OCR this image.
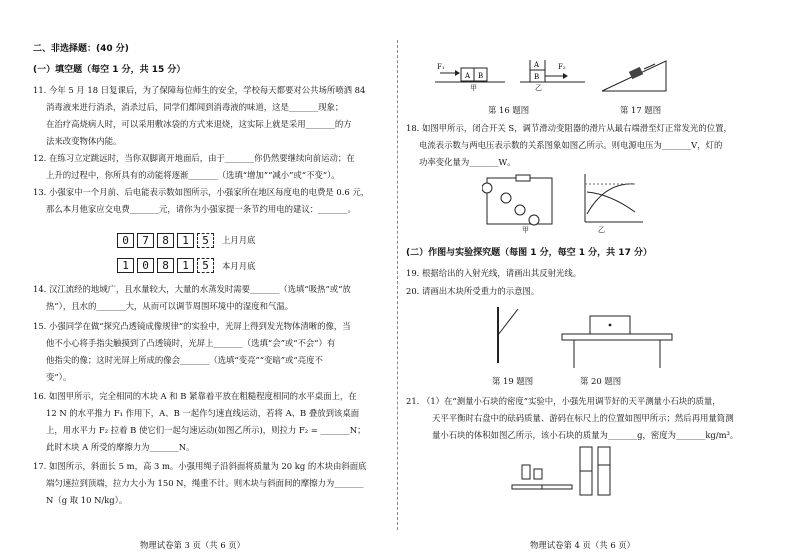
二、非选择题：(40 分)
(一）填空题（每空 1 分，共 15 分）
11. 今年 5 月 18 日复课后，为了保障每位师生的安全，学校每天都要对公共场所喷洒 84
消毒液来进行消杀，消杀过后，同学们都闻到消毒液的味道，这是_______现象；
在治疗高烧病人时，可以采用敷冰袋的方式来退烧，这实际上就是采用_______的方
法来改变物体内能。
12. 在练习立定跳远时，当你双脚离开地面后，由于_______你仍然要继续向前运动；在
上升的过程中，你所具有的动能将逐渐_______（选填“增加”“减小”或“不变”）。
13. 小强家中一个月前、后电能表示数如图所示，小强家所在地区每度电的电费是 0.6 元，
那么本月他家应交电费_______元，请你为小强家提一条节约用电的建议：_______。
0	7	8	1	5	上月月底
1	0	8	1	5	本月月底
14. 汉江流经的地域广，且水量较大，大量的水蒸发时需要_______（选填“吸热”或“放
热”），且水的_______大，从而可以调节周围环境中的湿度和气温。
15. 小强同学在做“探究凸透镜成像规律”的实验中，光屏上得到发光物体清晰的像，当
他不小心将手指尖触摸到了凸透镜时，光屏上_______（选填“会”或“不会”）有
他指尖的像；这时光屏上所成的像会_______（选填“变亮”“变暗”或“亮度不
变”）。
16. 如图甲所示，完全相同的木块 A 和 B 紧靠着平放在粗糙程度相同的水平桌面上，在
12 N 的水平推力 F₁ 作用下，A、B 一起作匀速直线运动，若将 A、B 叠放到该桌面
上，用水平力 F₂ 拉着 B 使它们一起匀速运动(如图乙所示)，则拉力 F₂ = _______N；
此时木块 A 所受的摩擦力为_______N。
17. 如图所示，斜面长 5 m，高 3 m。小强用绳子沿斜面将质量为 20 kg 的木块由斜面底
端匀速拉到顶端，拉力大小为 150 N，绳重不计。则木块与斜面间的摩擦力为_______
N（g 取 10 N/kg）。
物理试卷第 3 页（共 6 页）
A B
A
B
F₁	F₂
甲	乙
第 16 题图	第 17 题图
18. 如图甲所示，闭合开关 S，调节滑动变阻器的滑片从最右端滑至灯正常发光的位置，
电流表示数与两电压表示数的关系图象如图乙所示。则电源电压为_______V，灯的
功率变化量为_______W。
甲	乙
(二）作图与实验探究题（每图 1 分，每空 1 分，共 17 分）
19. 根据给出的入射光线，请画出其反射光线。
20. 请画出木块所受重力的示意图。
第 19 题图	第 20 题图
21. （1）在“测量小石块的密度”实验中，小强先用调节好的天平测量小石块的质量，
天平平衡时右盘中的砝码质量、游码在标尺上的位置如图甲所示；然后再用量筒测
量小石块的体积如图乙所示，该小石块的质量为_______g，密度为_______kg/m³。
物理试卷第 4 页（共 6 页）
